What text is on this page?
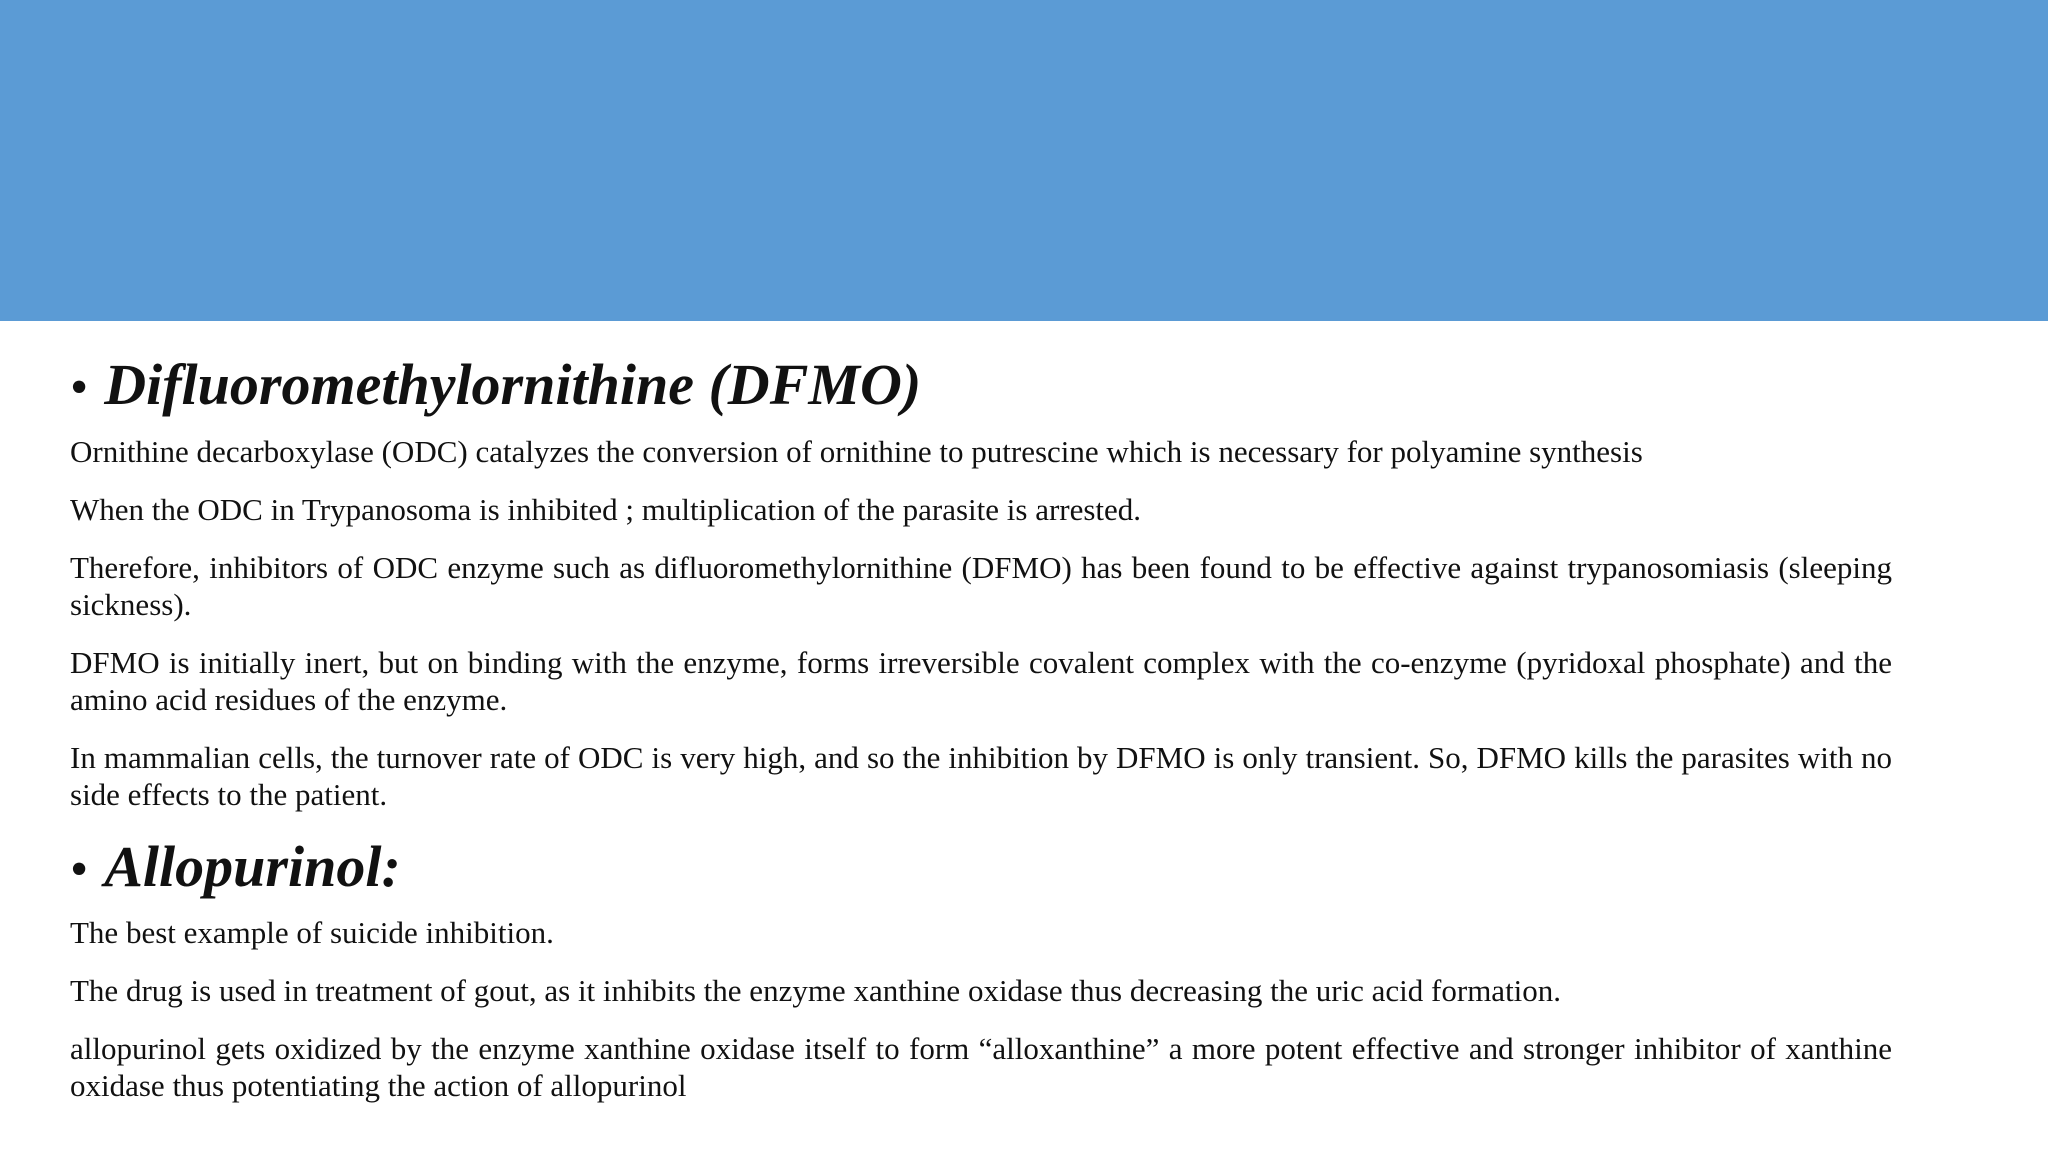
• Difluoromethylornithine (DFMO)

Ornithine decarboxylase (ODC) catalyzes the conversion of ornithine to putrescine which is necessary for polyamine synthesis

When the ODC in Trypanosoma is inhibited ; multiplication of the parasite is arrested.

Therefore, inhibitors of ODC enzyme such as difluoromethylornithine (DFMO) has been found to be effective against trypanosomiasis (sleeping sickness).

DFMO is initially inert, but on binding with the enzyme, forms irreversible covalent complex with the co-enzyme (pyridoxal phosphate) and the amino acid residues of the enzyme.

In mammalian cells, the turnover rate of ODC is very high, and so the inhibition by DFMO is only transient. So, DFMO kills the parasites with no side effects to the patient.

• Allopurinol:

The best example of suicide inhibition.

The drug is used in treatment of gout, as it inhibits the enzyme xanthine oxidase thus decreasing the uric acid formation.

allopurinol gets oxidized by the enzyme xanthine oxidase itself to form “alloxanthine” a more potent effective and stronger inhibitor of xanthine oxidase thus potentiating the action of allopurinol
